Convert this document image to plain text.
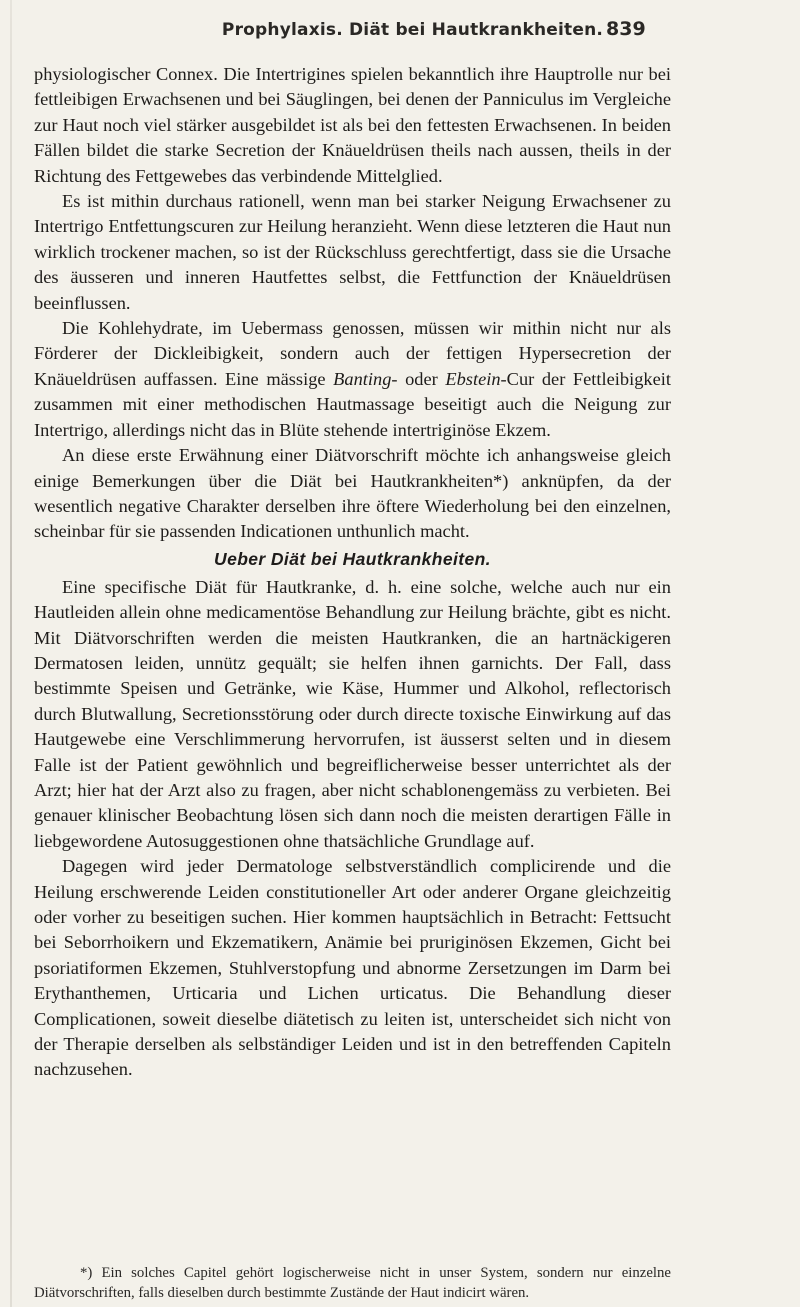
Prophylaxis. Diät bei Hautkrankheiten. 839

physiologischer Connex. Die Intertrigines spielen bekanntlich ihre Hauptrolle nur bei fettleibigen Erwachsenen und bei Säuglingen, bei denen der Panniculus im Vergleiche zur Haut noch viel stärker ausgebildet ist als bei den fettesten Erwachsenen. In beiden Fällen bildet die starke Secretion der Knäueldrüsen theils nach aussen, theils in der Richtung des Fettgewebes das verbindende Mittelglied.

Es ist mithin durchaus rationell, wenn man bei starker Neigung Erwachsener zu Intertrigo Entfettungscuren zur Heilung heranzieht. Wenn diese letzteren die Haut nun wirklich trockener machen, so ist der Rückschluss gerechtfertigt, dass sie die Ursache des äusseren und inneren Hautfettes selbst, die Fettfunction der Knäueldrüsen beeinflussen.

Die Kohlehydrate, im Uebermass genossen, müssen wir mithin nicht nur als Förderer der Dickleibigkeit, sondern auch der fettigen Hypersecretion der Knäueldrüsen auffassen. Eine mässige Banting- oder Ebstein-Cur der Fettleibigkeit zusammen mit einer methodischen Hautmassage beseitigt auch die Neigung zur Intertrigo, allerdings nicht das in Blüte stehende intertriginöse Ekzem.

An diese erste Erwähnung einer Diätvorschrift möchte ich anhangsweise gleich einige Bemerkungen über die Diät bei Hautkrankheiten*) anknüpfen, da der wesentlich negative Charakter derselben ihre öftere Wiederholung bei den einzelnen, scheinbar für sie passenden Indicationen unthunlich macht.

Ueber Diät bei Hautkrankheiten.

Eine specifische Diät für Hautkranke, d. h. eine solche, welche auch nur ein Hautleiden allein ohne medicamentöse Behandlung zur Heilung brächte, gibt es nicht. Mit Diätvorschriften werden die meisten Hautkranken, die an hartnäckigeren Dermatosen leiden, unnütz gequält; sie helfen ihnen garnichts. Der Fall, dass bestimmte Speisen und Getränke, wie Käse, Hummer und Alkohol, reflectorisch durch Blutwallung, Secretionsstörung oder durch directe toxische Einwirkung auf das Hautgewebe eine Verschlimmerung hervorrufen, ist äusserst selten und in diesem Falle ist der Patient gewöhnlich und begreiflicherweise besser unterrichtet als der Arzt; hier hat der Arzt also zu fragen, aber nicht schablonengemäss zu verbieten. Bei genauer klinischer Beobachtung lösen sich dann noch die meisten derartigen Fälle in liebgewordene Autosuggestionen ohne thatsächliche Grundlage auf.

Dagegen wird jeder Dermatologe selbstverständlich complicirende und die Heilung erschwerende Leiden constitutioneller Art oder anderer Organe gleichzeitig oder vorher zu beseitigen suchen. Hier kommen hauptsächlich in Betracht: Fettsucht bei Seborrhoikern und Ekzematikern, Anämie bei pruriginösen Ekzemen, Gicht bei psoriatiformen Ekzemen, Stuhlverstopfung und abnorme Zersetzungen im Darm bei Erythanthemen, Urticaria und Lichen urticatus. Die Behandlung dieser Complicationen, soweit dieselbe diätetisch zu leiten ist, unterscheidet sich nicht von der Therapie derselben als selbständiger Leiden und ist in den betreffenden Capiteln nachzusehen.

*) Ein solches Capitel gehört logischerweise nicht in unser System, sondern nur einzelne Diätvorschriften, falls dieselben durch bestimmte Zustände der Haut indicirt wären.
